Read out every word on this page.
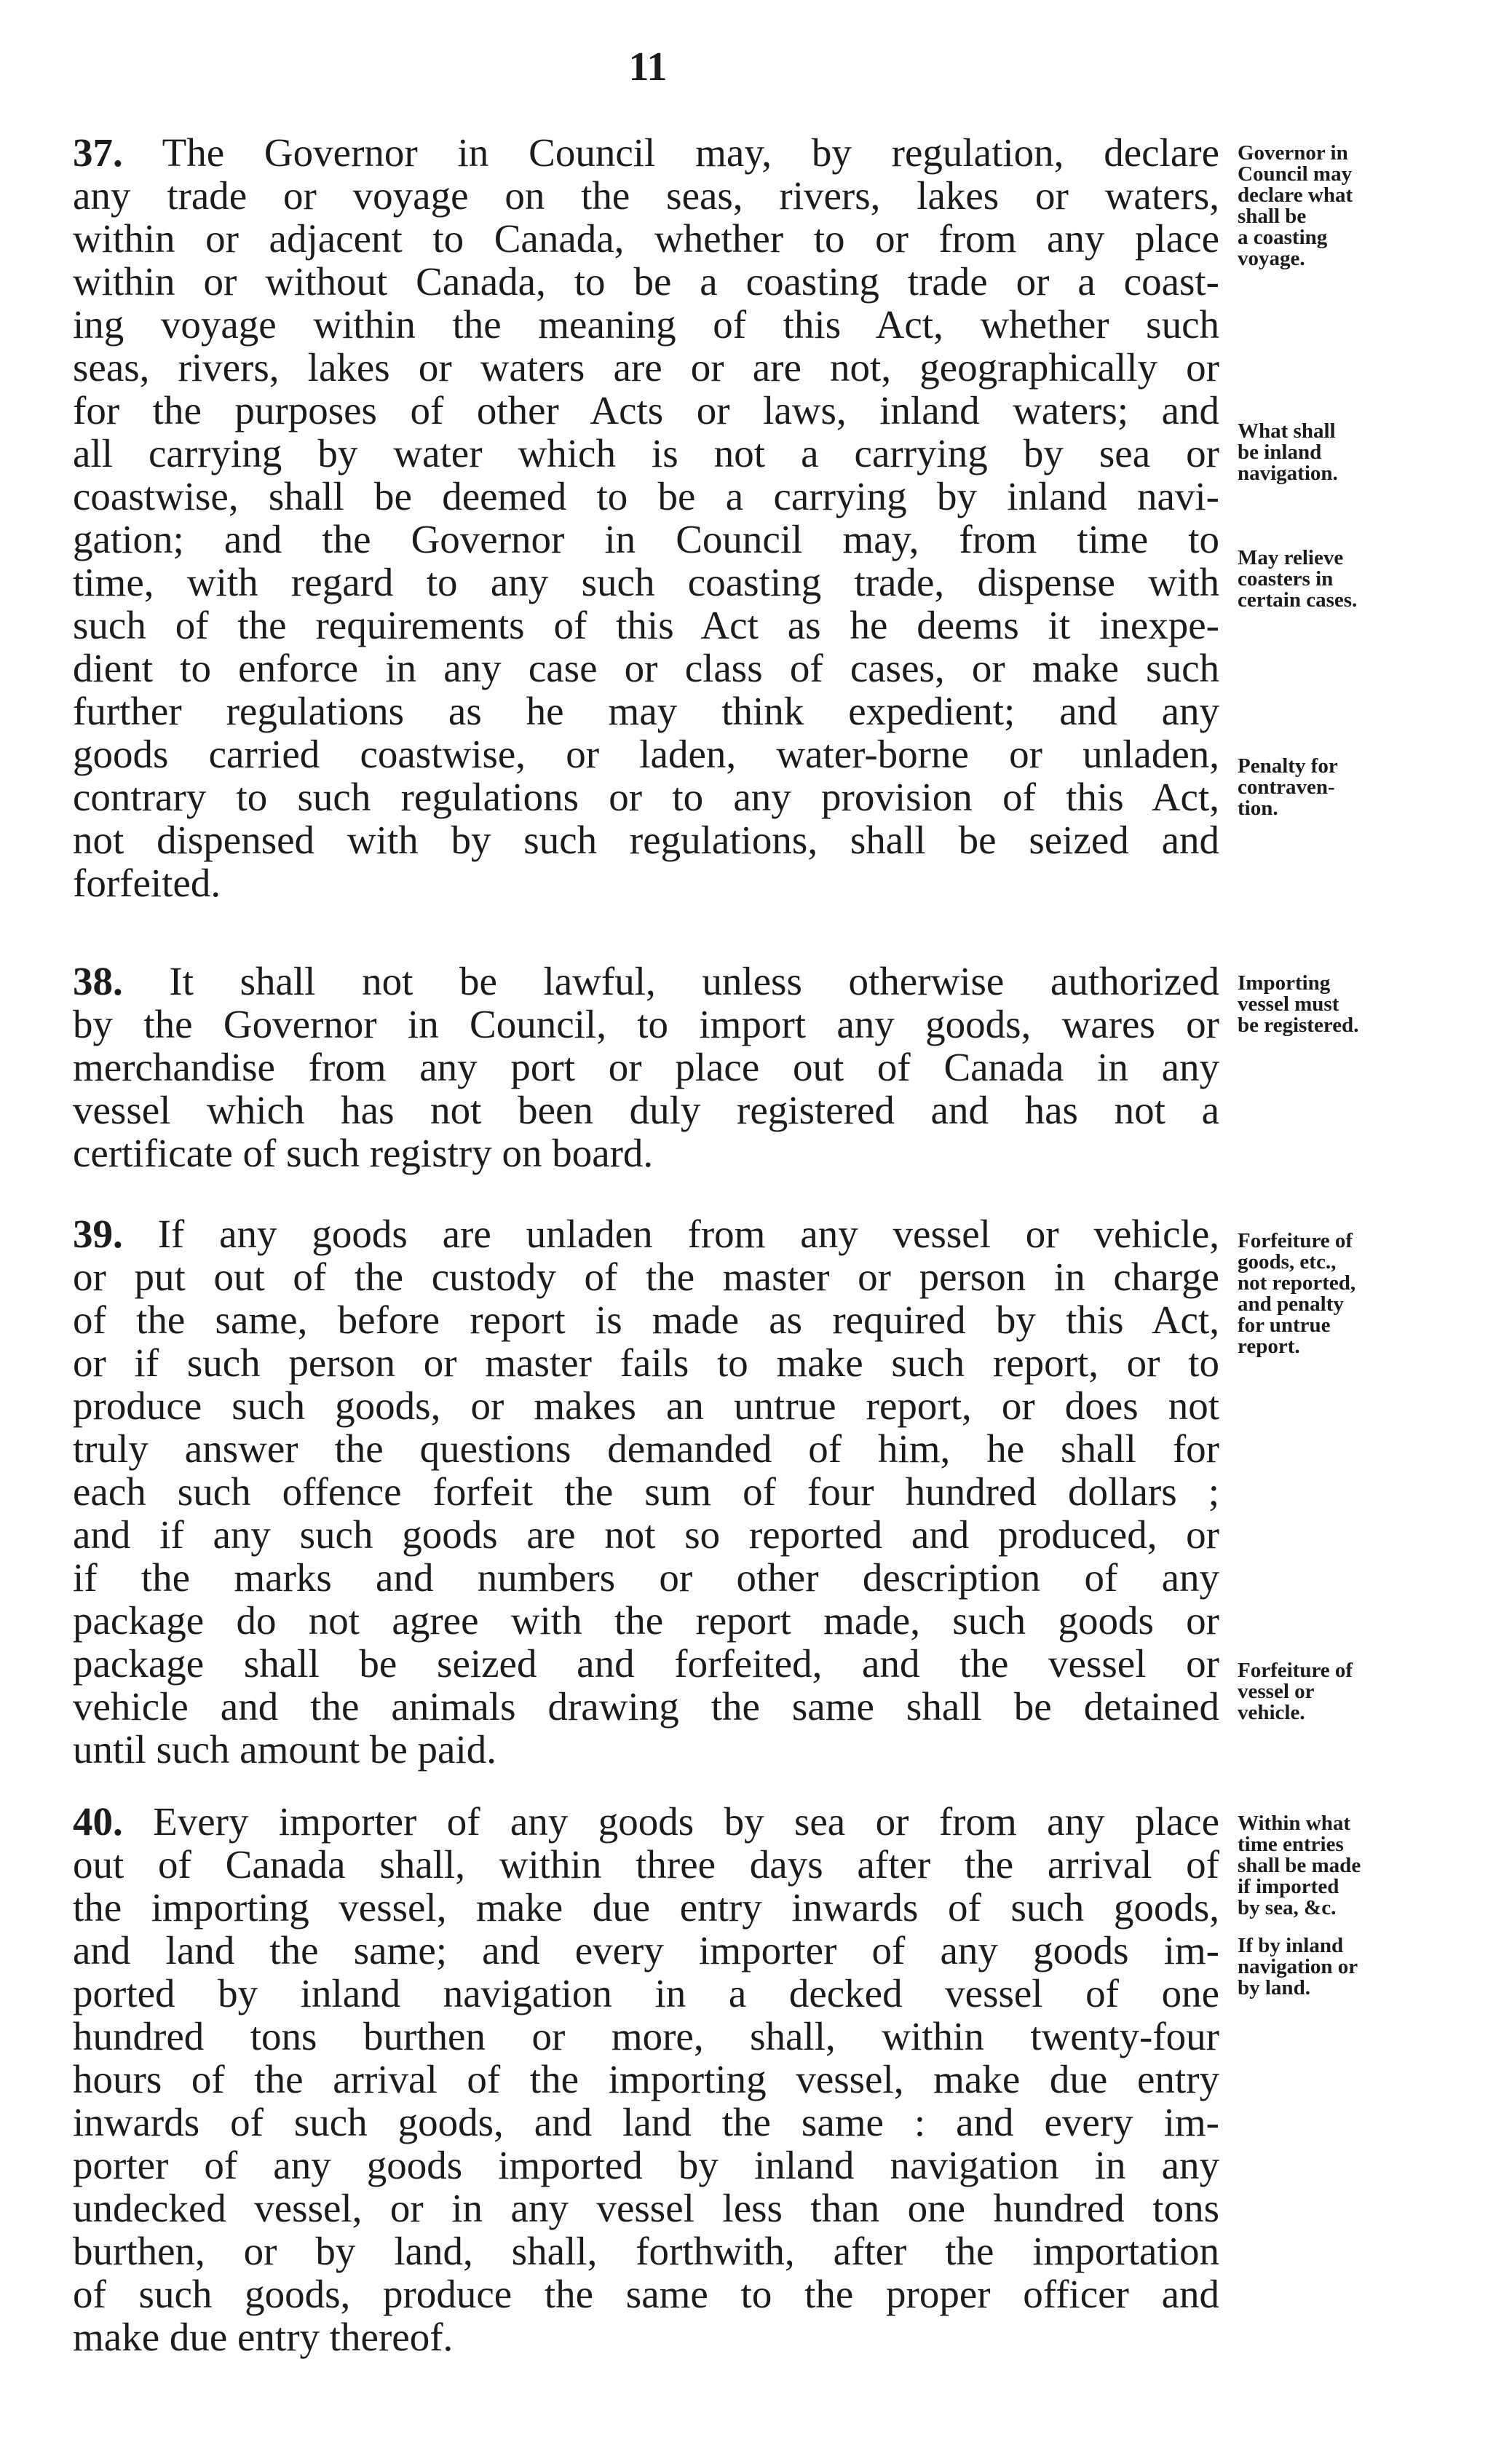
11
37. The Governor in Council may, by regulation, declare
any trade or voyage on the seas, rivers, lakes or waters,
within or adjacent to Canada, whether to or from any place
within or without Canada, to be a coasting trade or a coast-
ing voyage within the meaning of this Act, whether such
seas, rivers, lakes or waters are or are not, geographically or
for the purposes of other Acts or laws, inland waters; and
all carrying by water which is not a carrying by sea or
coastwise, shall be deemed to be a carrying by inland navi-
gation; and the Governor in Council may, from time to
time, with regard to any such coasting trade, dispense with
such of the requirements of this Act as he deems it inexpe-
dient to enforce in any case or class of cases, or make such
further regulations as he may think expedient; and any
goods carried coastwise, or laden, water-borne or unladen,
contrary to such regulations or to any provision of this Act,
not dispensed with by such regulations, shall be seized and
forfeited.
38. It shall not be lawful, unless otherwise authorized
by the Governor in Council, to import any goods, wares or
merchandise from any port or place out of Canada in any
vessel which has not been duly registered and has not a
certificate of such registry on board.
39. If any goods are unladen from any vessel or vehicle,
or put out of the custody of the master or person in charge
of the same, before report is made as required by this Act,
or if such person or master fails to make such report, or to
produce such goods, or makes an untrue report, or does not
truly answer the questions demanded of him, he shall for
each such offence forfeit the sum of four hundred dollars ;
and if any such goods are not so reported and produced, or
if the marks and numbers or other description of any
package do not agree with the report made, such goods or
package shall be seized and forfeited, and the vessel or
vehicle and the animals drawing the same shall be detained
until such amount be paid.
40. Every importer of any goods by sea or from any place
out of Canada shall, within three days after the arrival of
the importing vessel, make due entry inwards of such goods,
and land the same; and every importer of any goods im-
ported by inland navigation in a decked vessel of one
hundred tons burthen or more, shall, within twenty-four
hours of the arrival of the importing vessel, make due entry
inwards of such goods, and land the same : and every im-
porter of any goods imported by inland navigation in any
undecked vessel, or in any vessel less than one hundred tons
burthen, or by land, shall, forthwith, after the importation
of such goods, produce the same to the proper officer and
make due entry thereof.
Governor in
Council may
declare what
shall be
a coasting
voyage.
What shall
be inland
navigation.
May relieve
coasters in
certain cases.
Penalty for
contraven-
tion.
Importing
vessel must
be registered.
Forfeiture of
goods, etc.,
not reported,
and penalty
for untrue
report.
Forfeiture of
vessel or
vehicle.
Within what
time entries
shall be made
if imported
by sea, &c.
If by inland
navigation or
by land.
